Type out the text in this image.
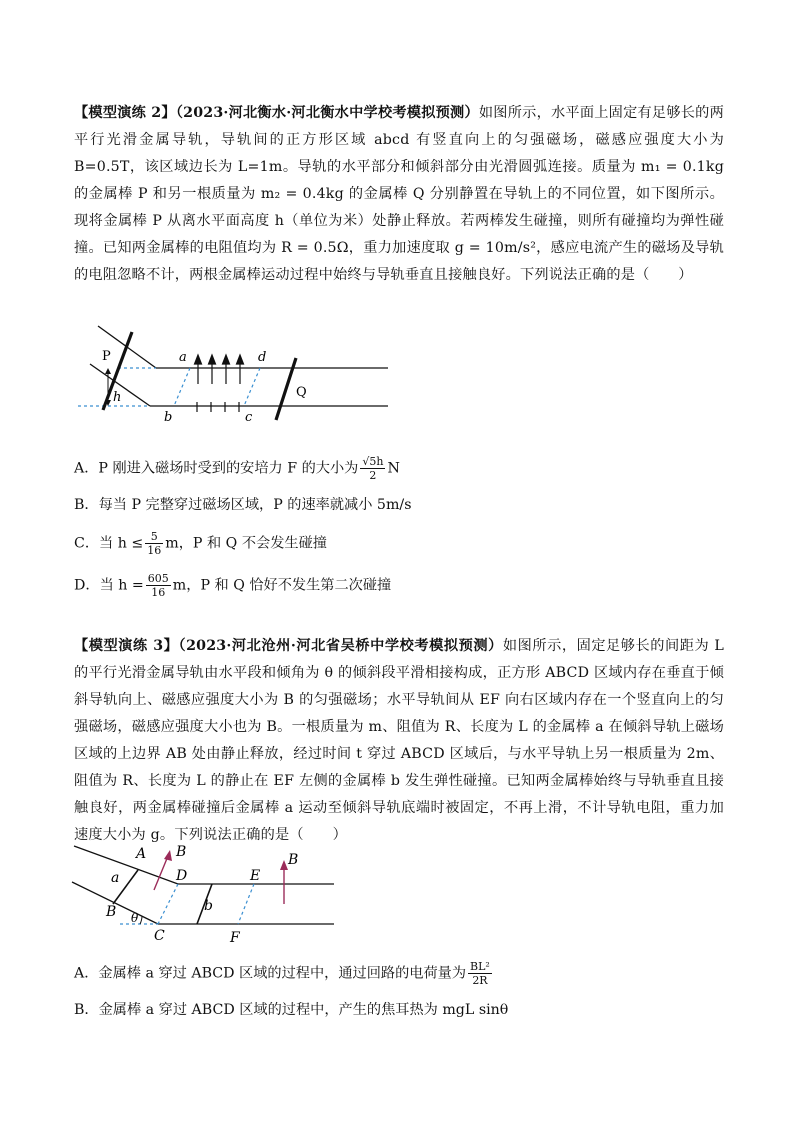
【模型演练 2】（2023·河北衡水·河北衡水中学校考模拟预测）如图所示，水平面上固定有足够长的两平行光滑金属导轨，导轨间的正方形区域 abcd 有竖直向上的匀强磁场，磁感应强度大小为 B=0.5T，该区域边长为 L=1m。导轨的水平部分和倾斜部分由光滑圆弧连接。质量为 m₁ = 0.1kg 的金属棒 P 和另一根质量为 m₂ = 0.4kg 的金属棒 Q 分别静置在导轨上的不同位置，如下图所示。现将金属棒 P 从离水平面高度 h（单位为米）处静止释放。若两棒发生碰撞，则所有碰撞均为弹性碰撞。已知两金属棒的电阻值均为 R = 0.5Ω，重力加速度取 g = 10m/s²，感应电流产生的磁场及导轨的电阻忽略不计，两根金属棒运动过程中始终与导轨垂直且接触良好。下列说法正确的是（　　）
h
P	a	d
b	c
Q
A．P 刚进入磁场时受到的安培力 F 的大小为 $\frac{√5h}{2}$ N
B．每当 P 完整穿过磁场区域，P 的速率就减小 5m/s
C．当 $h \le \frac{5}{16}$ m，P 和 Q 不会发生碰撞
D．当 $h = \frac{605}{16}$ m，P 和 Q 恰好不发生第二次碰撞
【模型演练 3】（2023·河北沧州·河北省吴桥中学校考模拟预测）如图所示，固定足够长的间距为 L 的平行光滑金属导轨由水平段和倾角为 θ 的倾斜段平滑相接构成，正方形 ABCD 区域内存在垂直于倾斜导轨向上、磁感应强度大小为 B 的匀强磁场；水平导轨间从 EF 向右区域内存在一个竖直向上的匀强磁场，磁感应强度大小也为 B。一根质量为 m、阻值为 R、长度为 L 的金属棒 a 在倾斜导轨上磁场区域的上边界 AB 处由静止释放，经过时间 t 穿过 ABCD 区域后，与水平导轨上另一根质量为 2m、阻值为 R、长度为 L 的静止在 EF 左侧的金属棒 b 发生弹性碰撞。已知两金属棒始终与导轨垂直且接触良好，两金属棒碰撞后金属棒 a 运动至倾斜导轨底端时被固定，不再上滑，不计导轨电阻，重力加速度大小为 g。下列说法正确的是（　　）
θ
B	B
A
a
B
D
C
b
E
F
A．金属棒 a 穿过 ABCD 区域的过程中，通过回路的电荷量为 $\frac{\text{BL²}}{2R}$
B．金属棒 a 穿过 ABCD 区域的过程中，产生的焦耳热为 mgL sinθ
